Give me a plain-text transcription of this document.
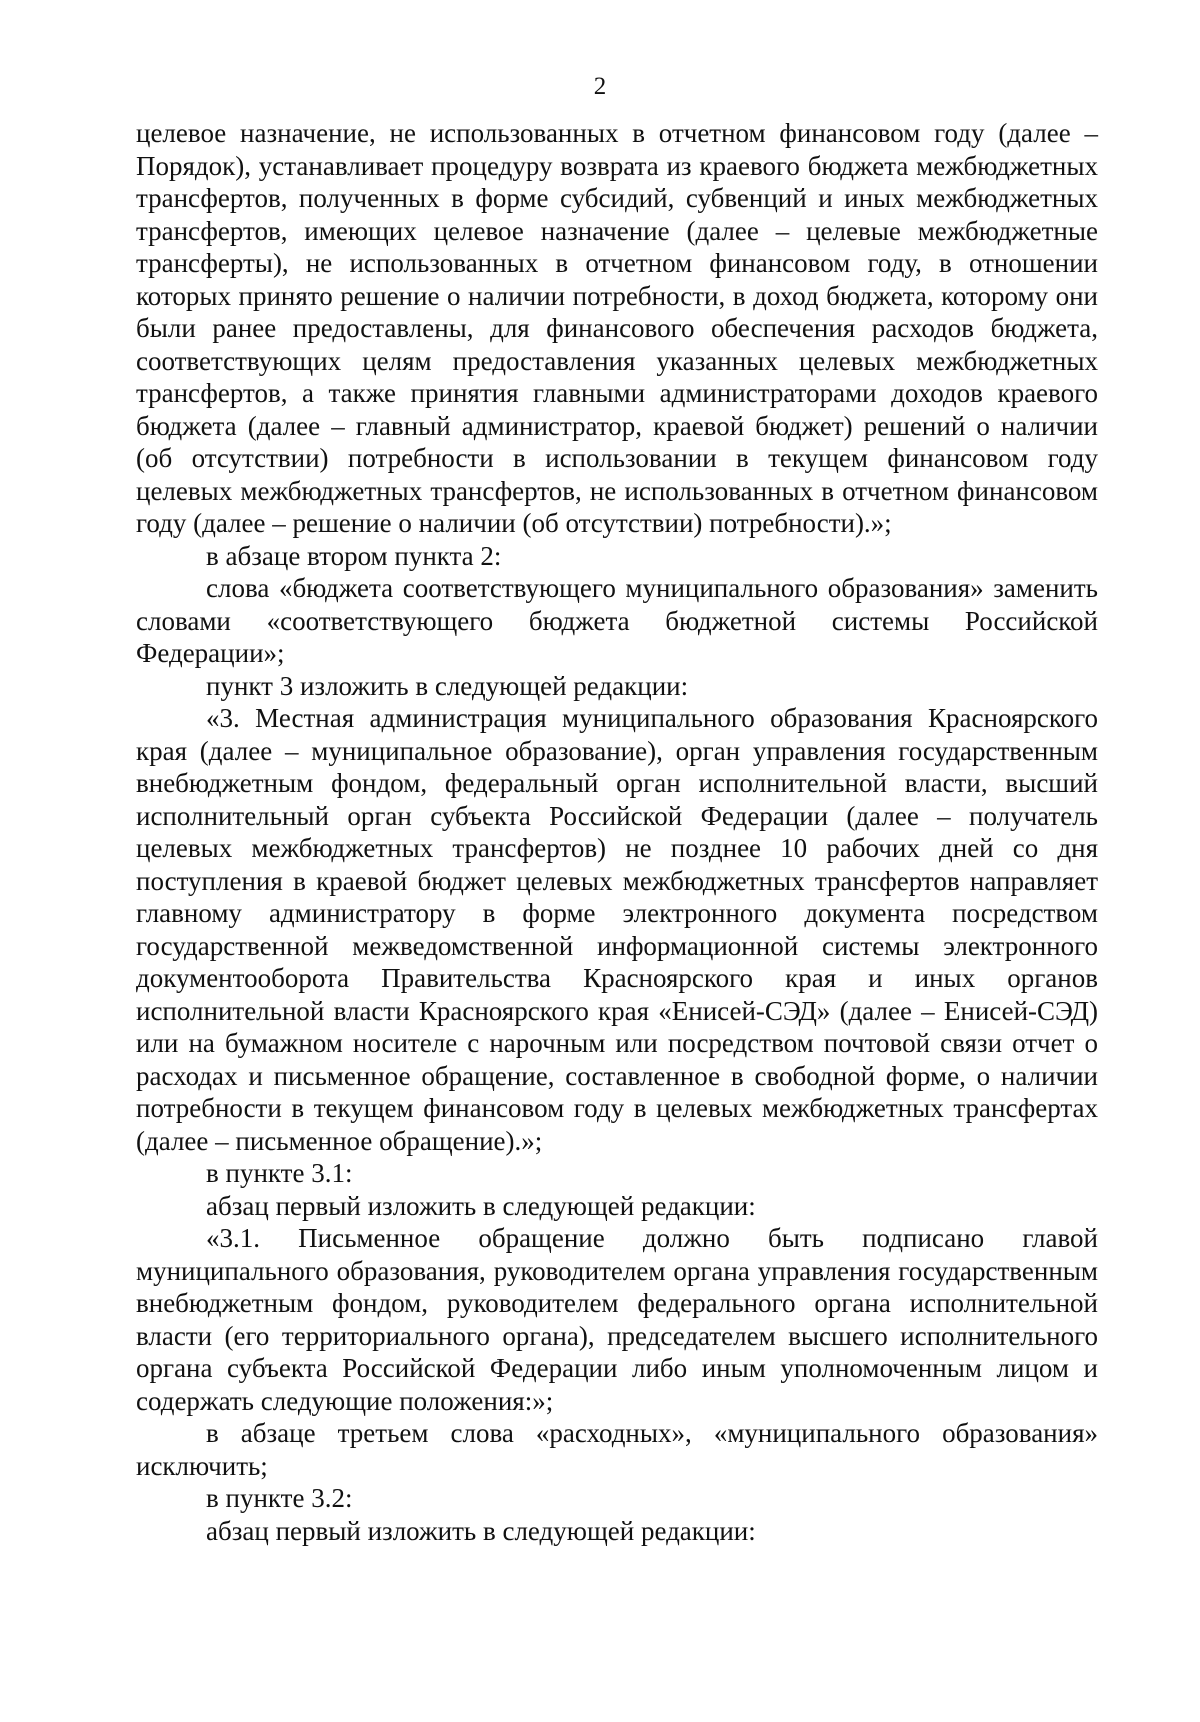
2

целевое назначение, не использованных в отчетном финансовом году (далее – Порядок), устанавливает процедуру возврата из краевого бюджета межбюджетных трансфертов, полученных в форме субсидий, субвенций и иных межбюджетных трансфертов, имеющих целевое назначение (далее – целевые межбюджетные трансферты), не использованных в отчетном финансовом году, в отношении которых принято решение о наличии потребности, в доход бюджета, которому они были ранее предоставлены, для финансового обеспечения расходов бюджета, соответствующих целям предоставления указанных целевых межбюджетных трансфертов, а также принятия главными администраторами доходов краевого бюджета (далее – главный администратор, краевой бюджет) решений о наличии (об отсутствии) потребности в использовании в текущем финансовом году целевых межбюджетных трансфертов, не использованных в отчетном финансовом году (далее – решение о наличии (об отсутствии) потребности).»;

в абзаце втором пункта 2:

слова «бюджета соответствующего муниципального образования» заменить словами «соответствующего бюджета бюджетной системы Российской Федерации»;

пункт 3 изложить в следующей редакции:

«3. Местная администрация муниципального образования Красноярского края (далее – муниципальное образование), орган управления государственным внебюджетным фондом, федеральный орган исполнительной власти, высший исполнительный орган субъекта Российской Федерации (далее – получатель целевых межбюджетных трансфертов) не позднее 10 рабочих дней со дня поступления в краевой бюджет целевых межбюджетных трансфертов направляет главному администратору в форме электронного документа посредством государственной межведомственной информационной системы электронного документооборота Правительства Красноярского края и иных органов исполнительной власти Красноярского края «Енисей-СЭД» (далее – Енисей-СЭД) или на бумажном носителе с нарочным или посредством почтовой связи отчет о расходах и письменное обращение, составленное в свободной форме, о наличии потребности в текущем финансовом году в целевых межбюджетных трансфертах (далее – письменное обращение).»;

в пункте 3.1:

абзац первый изложить в следующей редакции:

«3.1. Письменное обращение должно быть подписано главой муниципального образования, руководителем органа управления государственным внебюджетным фондом, руководителем федерального органа исполнительной власти (его территориального органа), председателем высшего исполнительного органа субъекта Российской Федерации либо иным уполномоченным лицом и содержать следующие положения:»;

в абзаце третьем слова «расходных», «муниципального образования» исключить;

в пункте 3.2:

абзац первый изложить в следующей редакции:
